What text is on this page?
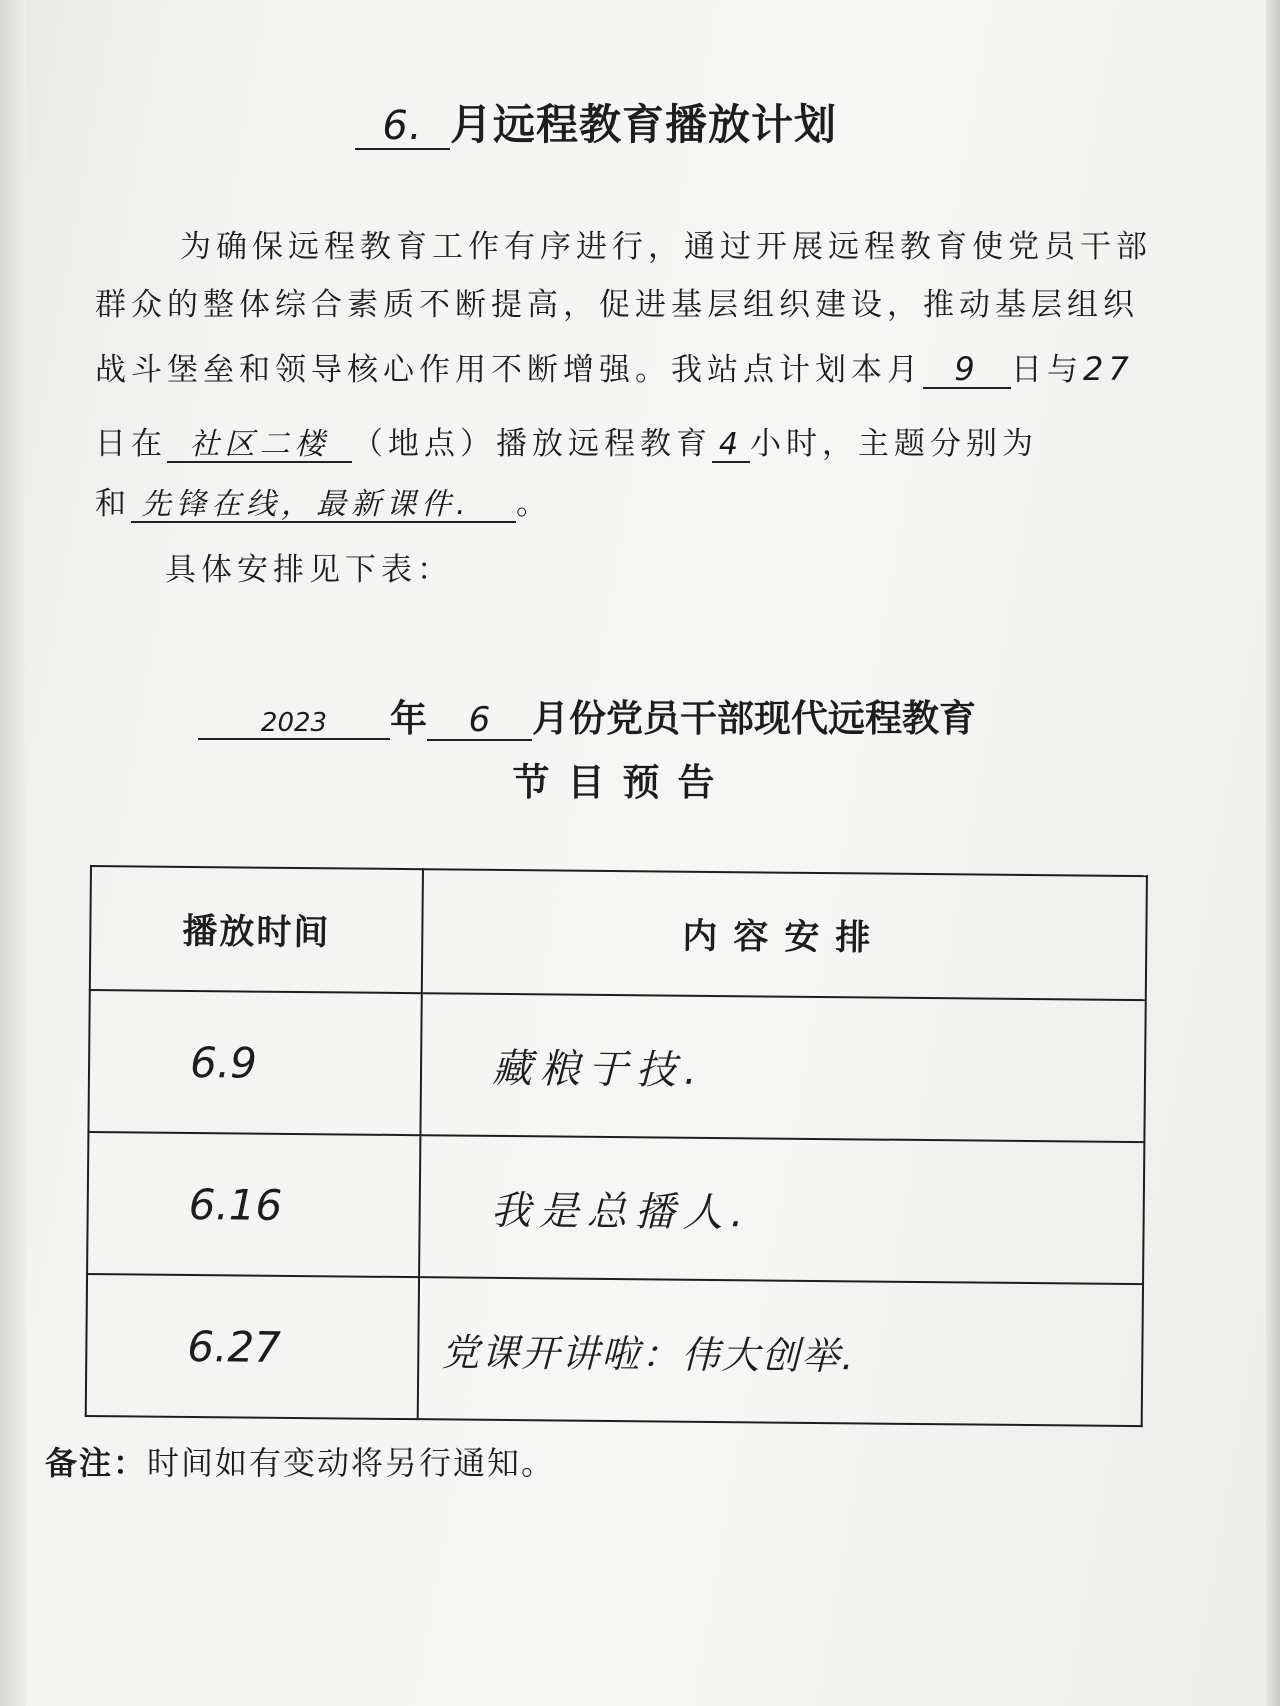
6. 月远程教育播放计划
为确保远程教育工作有序进行，通过开展远程教育使党员干部
群众的整体综合素质不断提高，促进基层组织建设，推动基层组织
战斗堡垒和领导核心作用不断增强。我站点计划本月 9 日与27
日在 社区二楼 （地点）播放远程教育 4 小时，主题分别为
和 先锋在线，最新课件. 。
具体安排见下表：
2023 年 6 月份党员干部现代远程教育
节目预告
播放时间	内容安排
6.9	藏粮于技.
6.16	我是总播人.
6.27	党课开讲啦：伟大创举.
备注：时间如有变动将另行通知。
